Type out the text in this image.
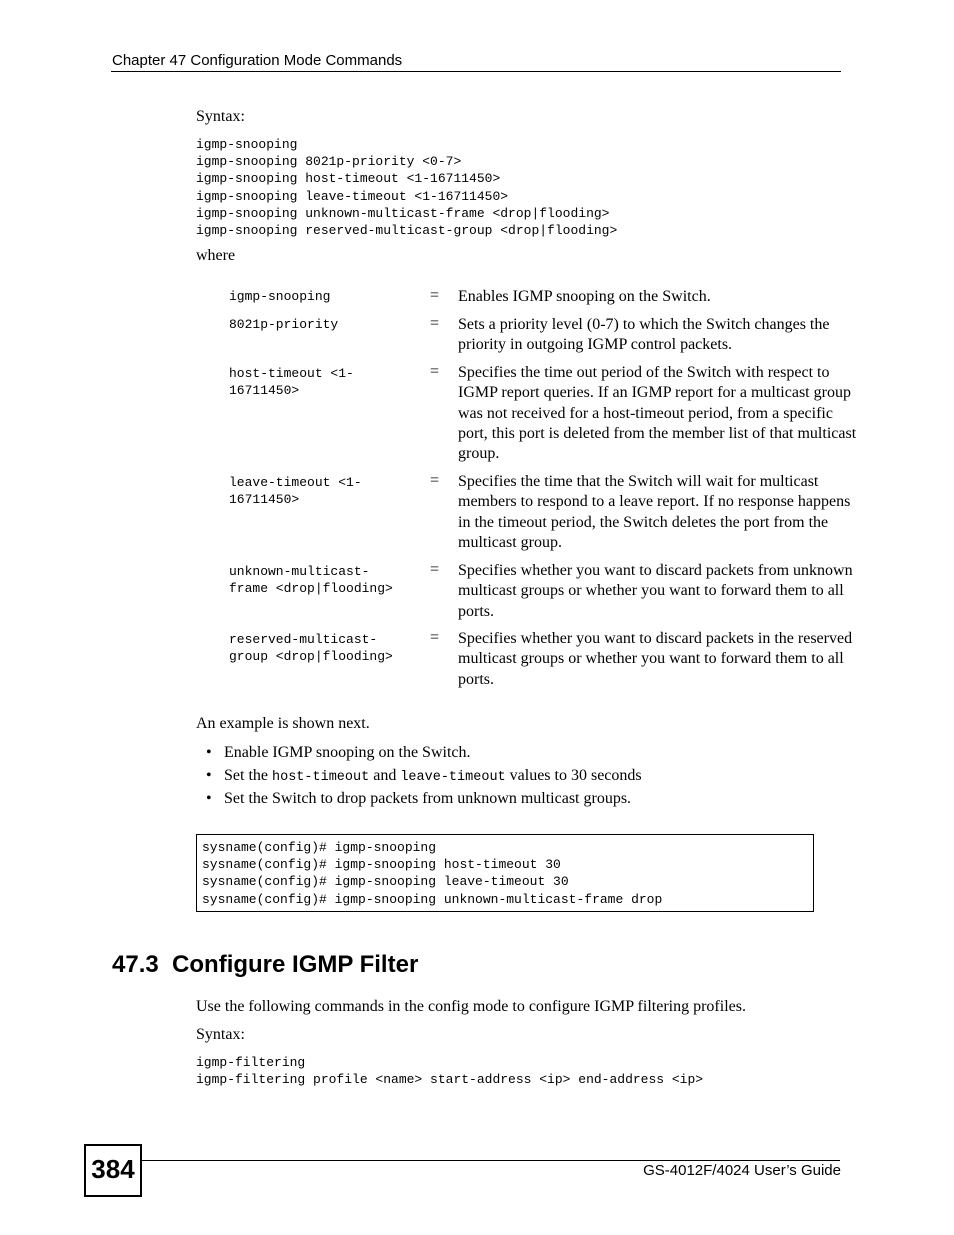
Chapter 47 Configuration Mode Commands
Syntax:
igmp-snooping
igmp-snooping 8021p-priority <0-7>
igmp-snooping host-timeout <1-16711450>
igmp-snooping leave-timeout <1-16711450>
igmp-snooping unknown-multicast-frame <drop|flooding>
igmp-snooping reserved-multicast-group <drop|flooding>
where
igmp-snooping	= Enables IGMP snooping on the Switch.
8021p-priority	= Sets a priority level (0-7) to which the Switch changes the priority in outgoing IGMP control packets.
host-timeout <1-
16711450>
= Specifies the time out period of the Switch with respect to IGMP report queries. If an IGMP report for a multicast group was not received for a host-timeout period, from a specific port, this port is deleted from the member list of that multicast group.
leave-timeout <1-
16711450>
= Specifies the time that the Switch will wait for multicast members to respond to a leave report. If no response happens in the timeout period, the Switch deletes the port from the multicast group.
unknown-multicast-
frame <drop|flooding>
= Specifies whether you want to discard packets from unknown multicast groups or whether you want to forward them to all ports.
reserved-multicast-
group <drop|flooding>
= Specifies whether you want to discard packets in the reserved multicast groups or whether you want to forward them to all ports.
An example is shown next.
• Enable IGMP snooping on the Switch.
• Set the host-timeout and leave-timeout values to 30 seconds
• Set the Switch to drop packets from unknown multicast groups.
sysname(config)# igmp-snooping
sysname(config)# igmp-snooping host-timeout 30
sysname(config)# igmp-snooping leave-timeout 30
sysname(config)# igmp-snooping unknown-multicast-frame drop
47.3  Configure IGMP Filter
Use the following commands in the config mode to configure IGMP filtering profiles.
Syntax:
igmp-filtering
igmp-filtering profile <name> start-address <ip> end-address <ip>
384	GS-4012F/4024 User’s Guide
